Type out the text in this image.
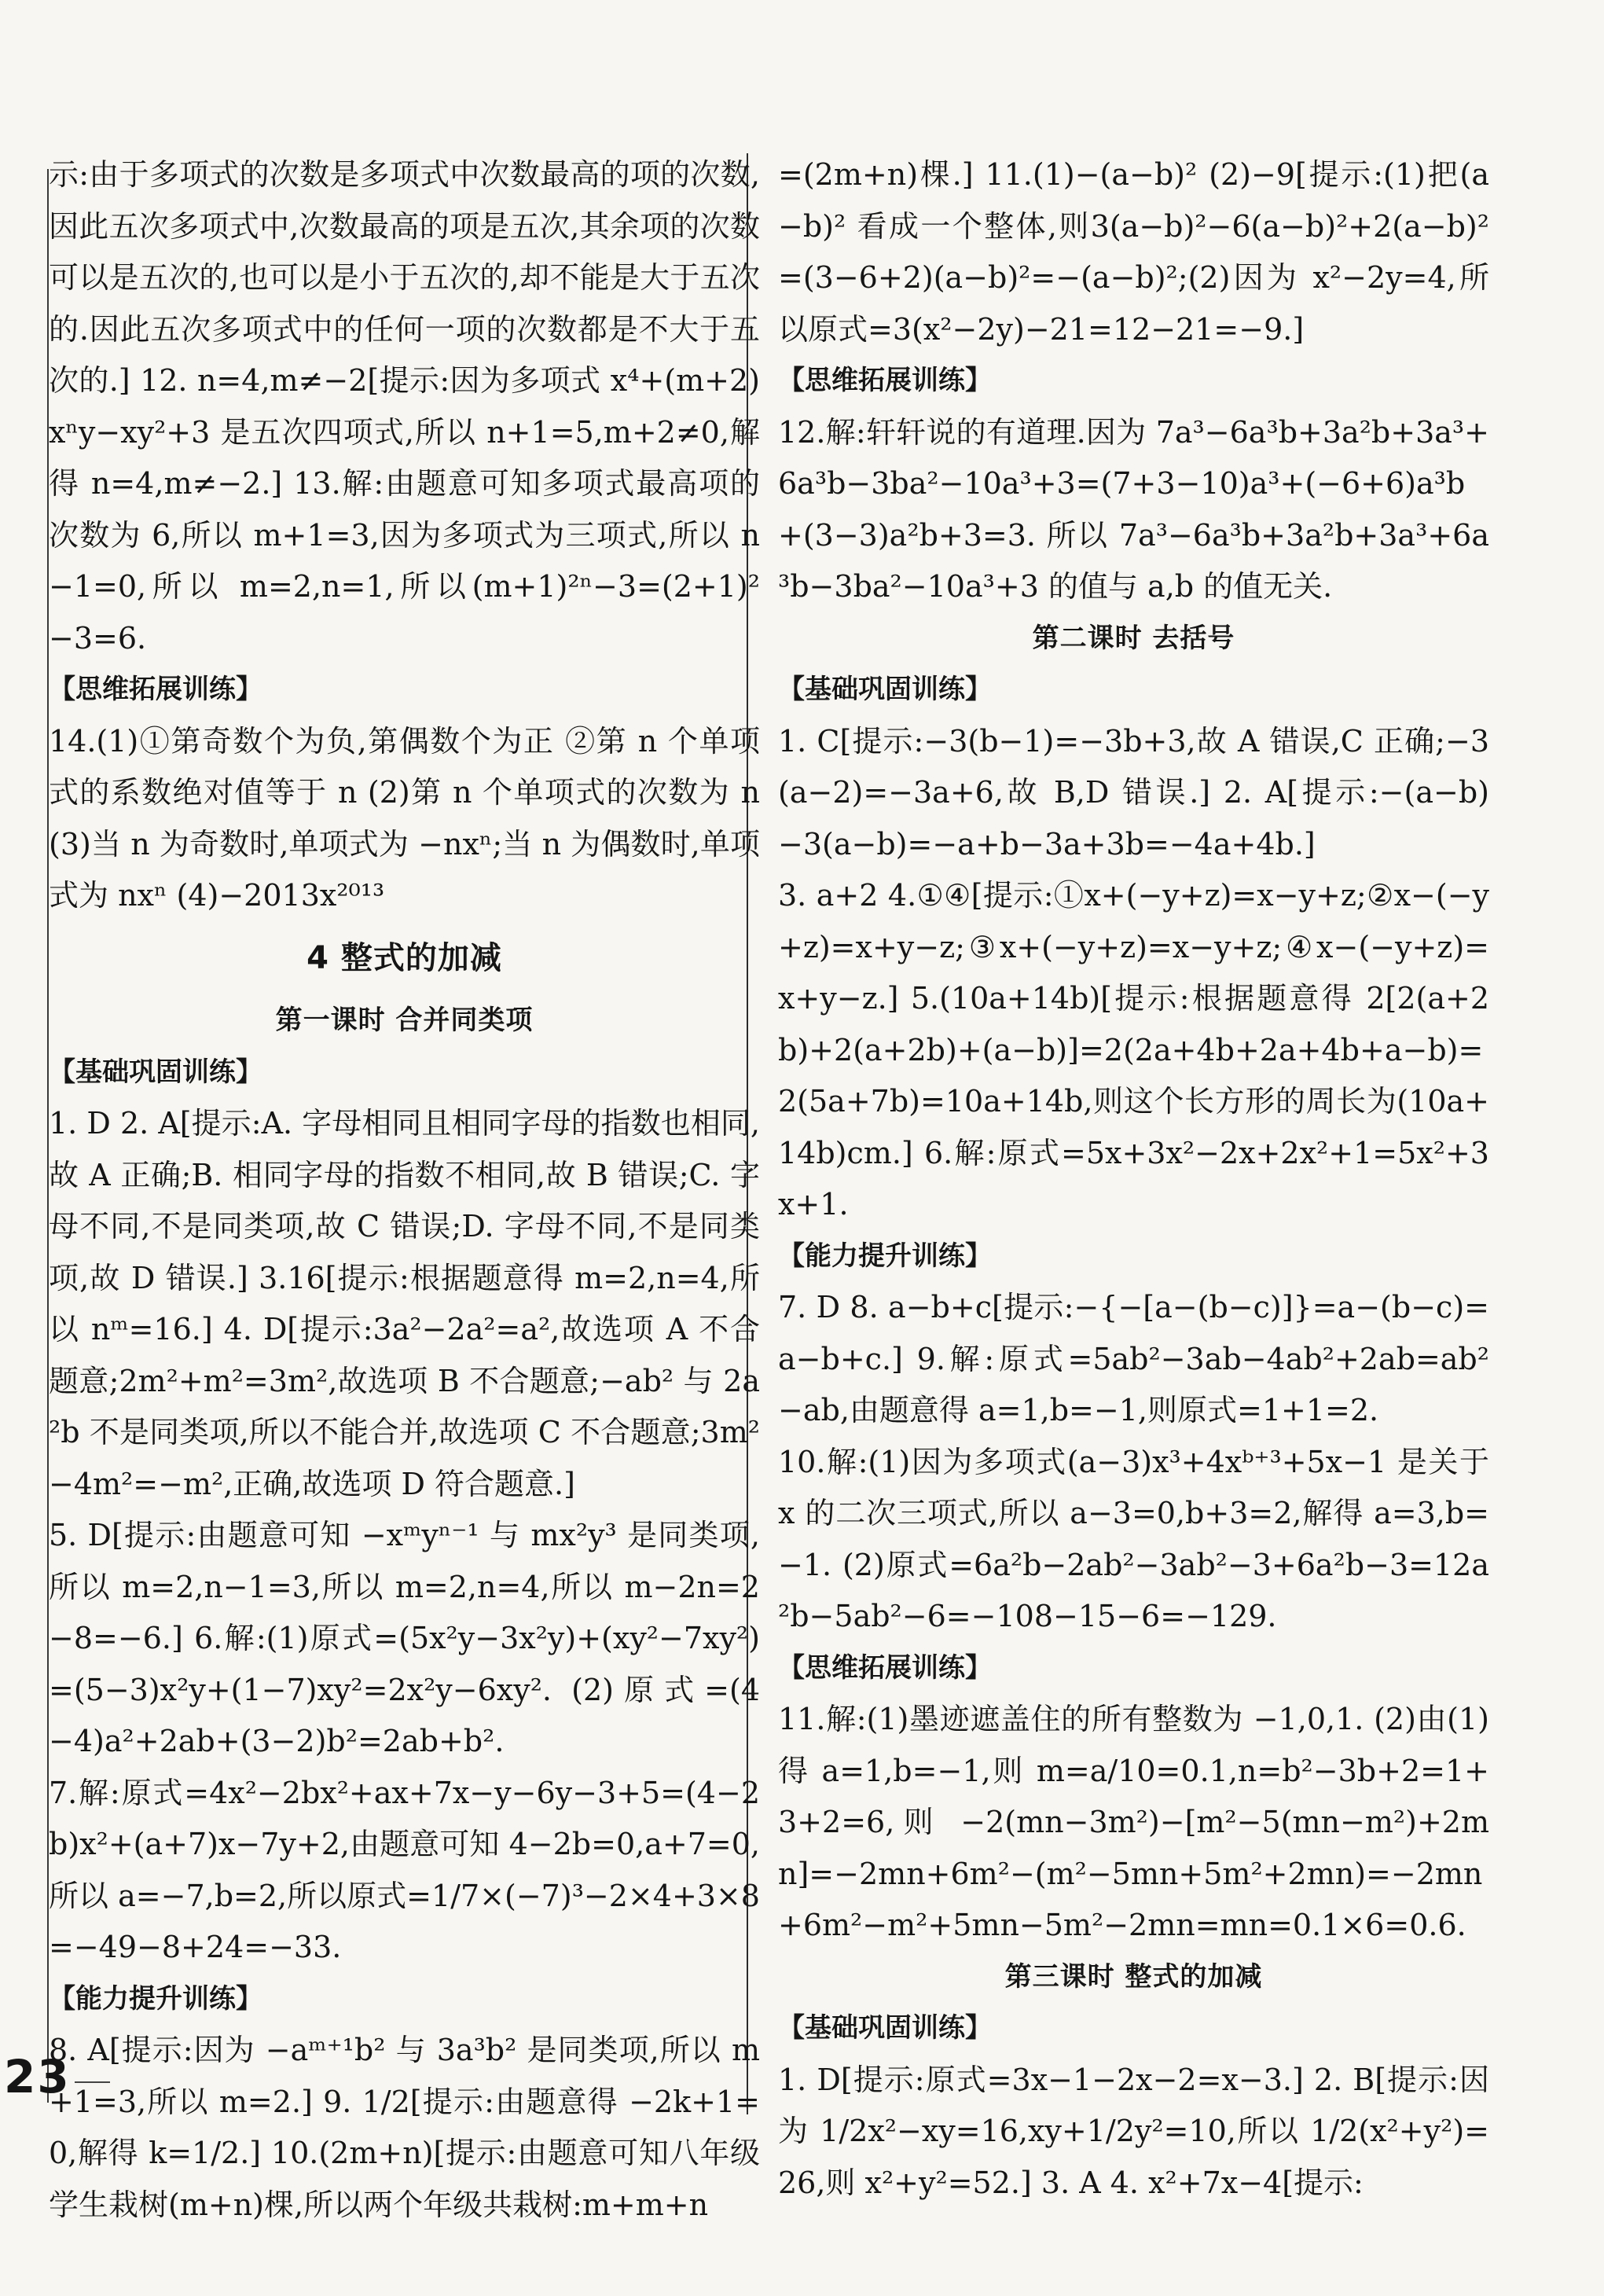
示:由于多项式的次数是多项式中次数最高的项的次数,因此五次多项式中,次数最高的项是五次,其余项的次数可以是五次的,也可以是小于五次的,却不能是大于五次的.因此五次多项式中的任何一项的次数都是不大于五次的.] 12. n=4,m≠−2[提示:因为多项式 x⁴+(m+2)xⁿy−xy²+3 是五次四项式,所以 n+1=5,m+2≠0,解得 n=4,m≠−2.] 13.解:由题意可知多项式最高项的次数为 6,所以 m+1=3,因为多项式为三项式,所以 n−1=0,所以 m=2,n=1,所以(m+1)²ⁿ−3=(2+1)²−3=6.

【思维拓展训练】

14.(1)①第奇数个为负,第偶数个为正 ②第 n 个单项式的系数绝对值等于 n (2)第 n 个单项式的次数为 n (3)当 n 为奇数时,单项式为 −nxⁿ;当 n 为偶数时,单项式为 nxⁿ (4)−2013x²⁰¹³

4 整式的加减

第一课时 合并同类项

【基础巩固训练】

1. D 2. A[提示:A. 字母相同且相同字母的指数也相同,故 A 正确;B. 相同字母的指数不相同,故 B 错误;C. 字母不同,不是同类项,故 C 错误;D. 字母不同,不是同类项,故 D 错误.] 3.16[提示:根据题意得 m=2,n=4,所以 nᵐ=16.] 4. D[提示:3a²−2a²=a²,故选项 A 不合题意;2m²+m²=3m²,故选项 B 不合题意;−ab² 与 2a²b 不是同类项,所以不能合并,故选项 C 不合题意;3m²−4m²=−m²,正确,故选项 D 符合题意.]

5. D[提示:由题意可知 −xᵐyⁿ⁻¹ 与 mx²y³ 是同类项,所以 m=2,n−1=3,所以 m=2,n=4,所以 m−2n=2−8=−6.] 6.解:(1)原式=(5x²y−3x²y)+(xy²−7xy²)=(5−3)x²y+(1−7)xy²=2x²y−6xy². (2)原式=(4−4)a²+2ab+(3−2)b²=2ab+b².

7.解:原式=4x²−2bx²+ax+7x−y−6y−3+5=(4−2b)x²+(a+7)x−7y+2,由题意可知 4−2b=0,a+7=0,所以 a=−7,b=2,所以原式=1/7×(−7)³−2×4+3×8=−49−8+24=−33.

【能力提升训练】

8. A[提示:因为 −aᵐ⁺¹b² 与 3a³b² 是同类项,所以 m+1=3,所以 m=2.] 9. 1/2[提示:由题意得 −2k+1=0,解得 k=1/2.] 10.(2m+n)[提示:由题意可知八年级学生栽树(m+n)棵,所以两个年级共栽树:m+m+n

=(2m+n)棵.] 11.(1)−(a−b)² (2)−9[提示:(1)把(a−b)² 看成一个整体,则3(a−b)²−6(a−b)²+2(a−b)²=(3−6+2)(a−b)²=−(a−b)²;(2)因为 x²−2y=4,所以原式=3(x²−2y)−21=12−21=−9.]

【思维拓展训练】

12.解:轩轩说的有道理.因为 7a³−6a³b+3a²b+3a³+6a³b−3ba²−10a³+3=(7+3−10)a³+(−6+6)a³b+(3−3)a²b+3=3. 所以 7a³−6a³b+3a²b+3a³+6a³b−3ba²−10a³+3 的值与 a,b 的值无关.

第二课时 去括号

【基础巩固训练】

1. C[提示:−3(b−1)=−3b+3,故 A 错误,C 正确;−3(a−2)=−3a+6,故 B,D 错误.] 2. A[提示:−(a−b)−3(a−b)=−a+b−3a+3b=−4a+4b.]

3. a+2 4.①④[提示:①x+(−y+z)=x−y+z;②x−(−y+z)=x+y−z;③x+(−y+z)=x−y+z;④x−(−y+z)=x+y−z.] 5.(10a+14b)[提示:根据题意得 2[2(a+2b)+2(a+2b)+(a−b)]=2(2a+4b+2a+4b+a−b)=2(5a+7b)=10a+14b,则这个长方形的周长为(10a+14b)cm.] 6.解:原式=5x+3x²−2x+2x²+1=5x²+3x+1.

【能力提升训练】

7. D 8. a−b+c[提示:−{−[a−(b−c)]}=a−(b−c)=a−b+c.] 9.解:原式=5ab²−3ab−4ab²+2ab=ab²−ab,由题意得 a=1,b=−1,则原式=1+1=2.

10.解:(1)因为多项式(a−3)x³+4xᵇ⁺³+5x−1 是关于 x 的二次三项式,所以 a−3=0,b+3=2,解得 a=3,b=−1. (2)原式=6a²b−2ab²−3ab²−3+6a²b−3=12a²b−5ab²−6=−108−15−6=−129.

【思维拓展训练】

11.解:(1)墨迹遮盖住的所有整数为 −1,0,1. (2)由(1)得 a=1,b=−1,则 m=a/10=0.1,n=b²−3b+2=1+3+2=6,则 −2(mn−3m²)−[m²−5(mn−m²)+2mn]=−2mn+6m²−(m²−5mn+5m²+2mn)=−2mn+6m²−m²+5mn−5m²−2mn=mn=0.1×6=0.6.

第三课时 整式的加减

【基础巩固训练】

1. D[提示:原式=3x−1−2x−2=x−3.] 2. B[提示:因为 1/2x²−xy=16,xy+1/2y²=10,所以 1/2(x²+y²)=26,则 x²+y²=52.] 3. A 4. x²+7x−4[提示:

23
